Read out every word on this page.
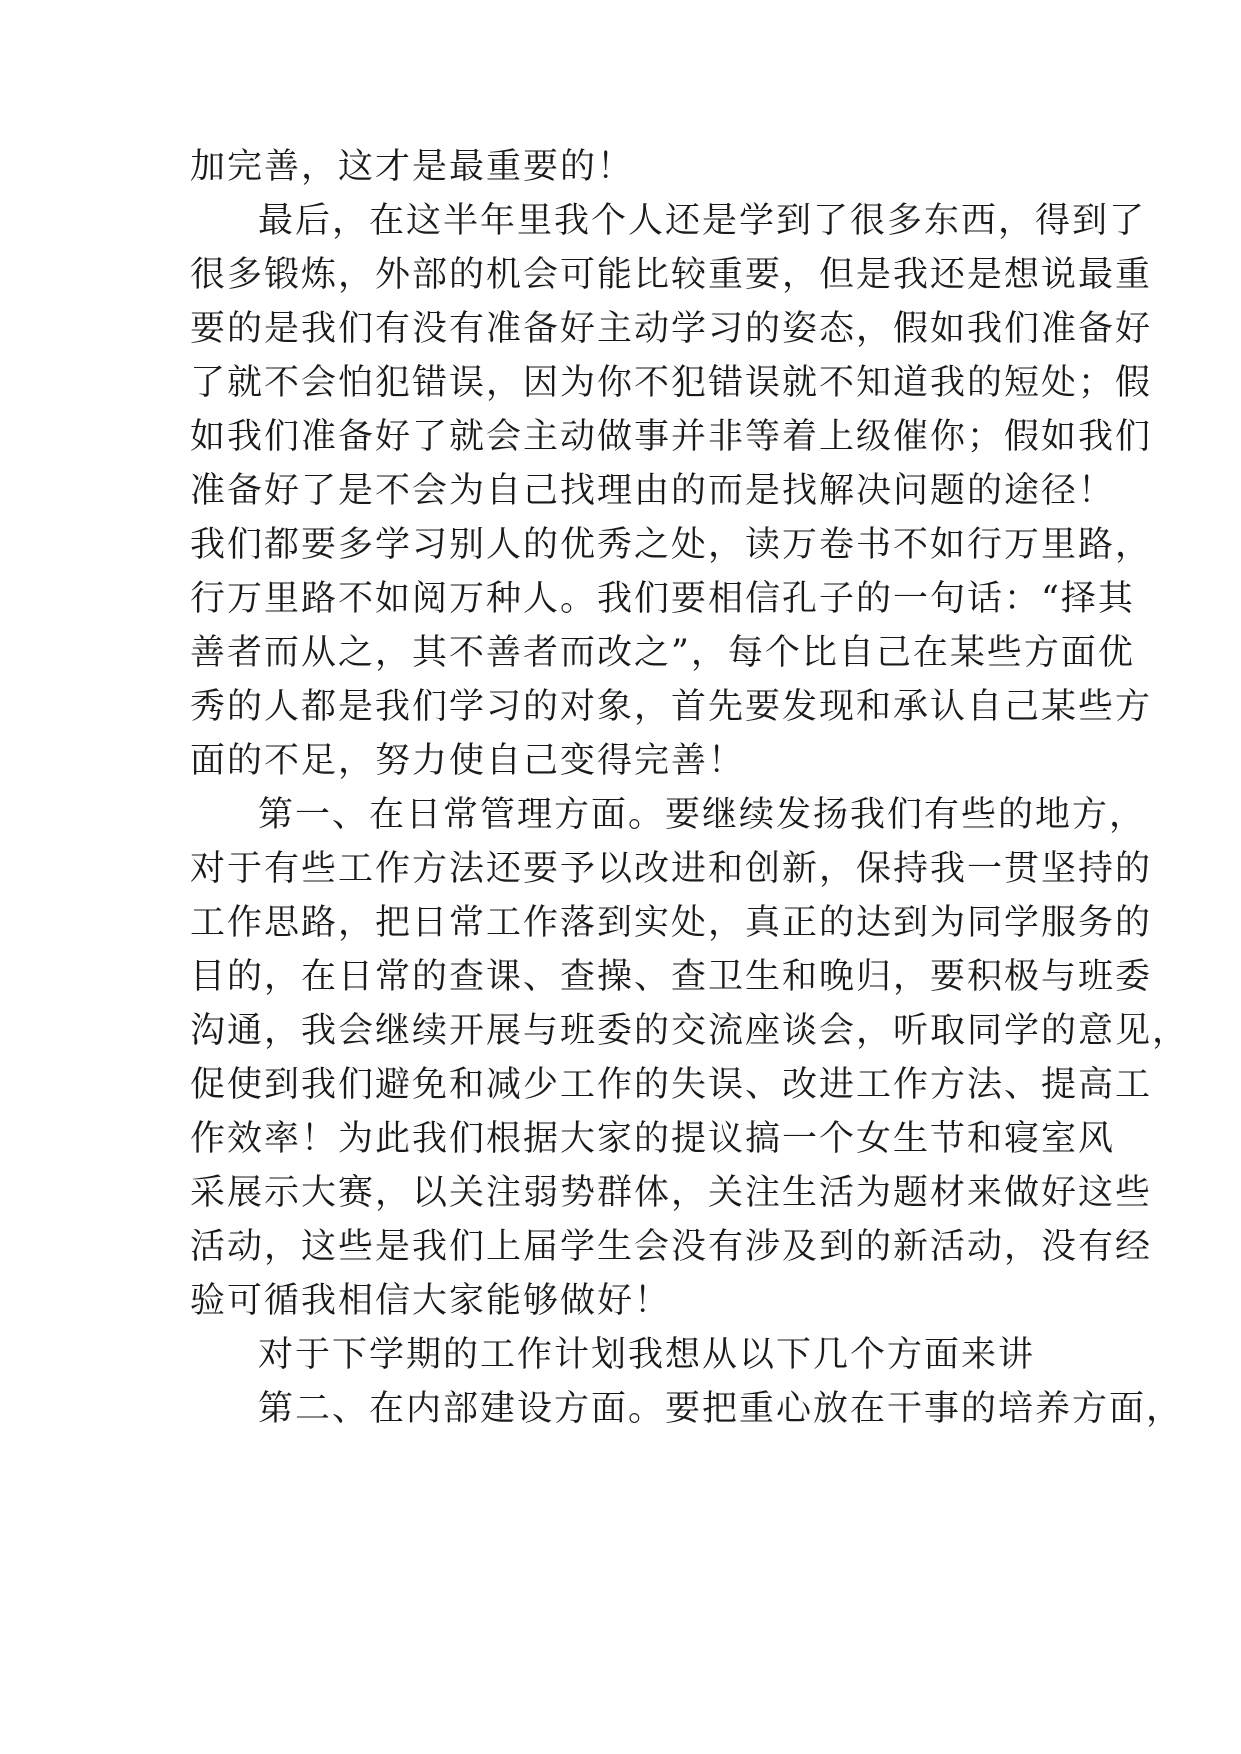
加完善，这才是最重要的！
最后，在这半年里我个人还是学到了很多东西，得到了
很多锻炼，外部的机会可能比较重要，但是我还是想说最重
要的是我们有没有准备好主动学习的姿态，假如我们准备好
了就不会怕犯错误，因为你不犯错误就不知道我的短处；假
如我们准备好了就会主动做事并非等着上级催你；假如我们
准备好了是不会为自己找理由的而是找解决问题的途径！
我们都要多学习别人的优秀之处，读万卷书不如行万里路，
行万里路不如阅万种人。我们要相信孔子的一句话：“择其
善者而从之，其不善者而改之”，每个比自己在某些方面优
秀的人都是我们学习的对象，首先要发现和承认自己某些方
面的不足，努力使自己变得完善！
第一、在日常管理方面。要继续发扬我们有些的地方，
对于有些工作方法还要予以改进和创新，保持我一贯坚持的
工作思路，把日常工作落到实处，真正的达到为同学服务的
目的，在日常的查课、查操、查卫生和晚归，要积极与班委
沟通，我会继续开展与班委的交流座谈会，听取同学的意见，
促使到我们避免和减少工作的失误、改进工作方法、提高工
作效率！为此我们根据大家的提议搞一个女生节和寝室风
采展示大赛，以关注弱势群体，关注生活为题材来做好这些
活动，这些是我们上届学生会没有涉及到的新活动，没有经
验可循我相信大家能够做好！
对于下学期的工作计划我想从以下几个方面来讲
第二、在内部建设方面。要把重心放在干事的培养方面，
